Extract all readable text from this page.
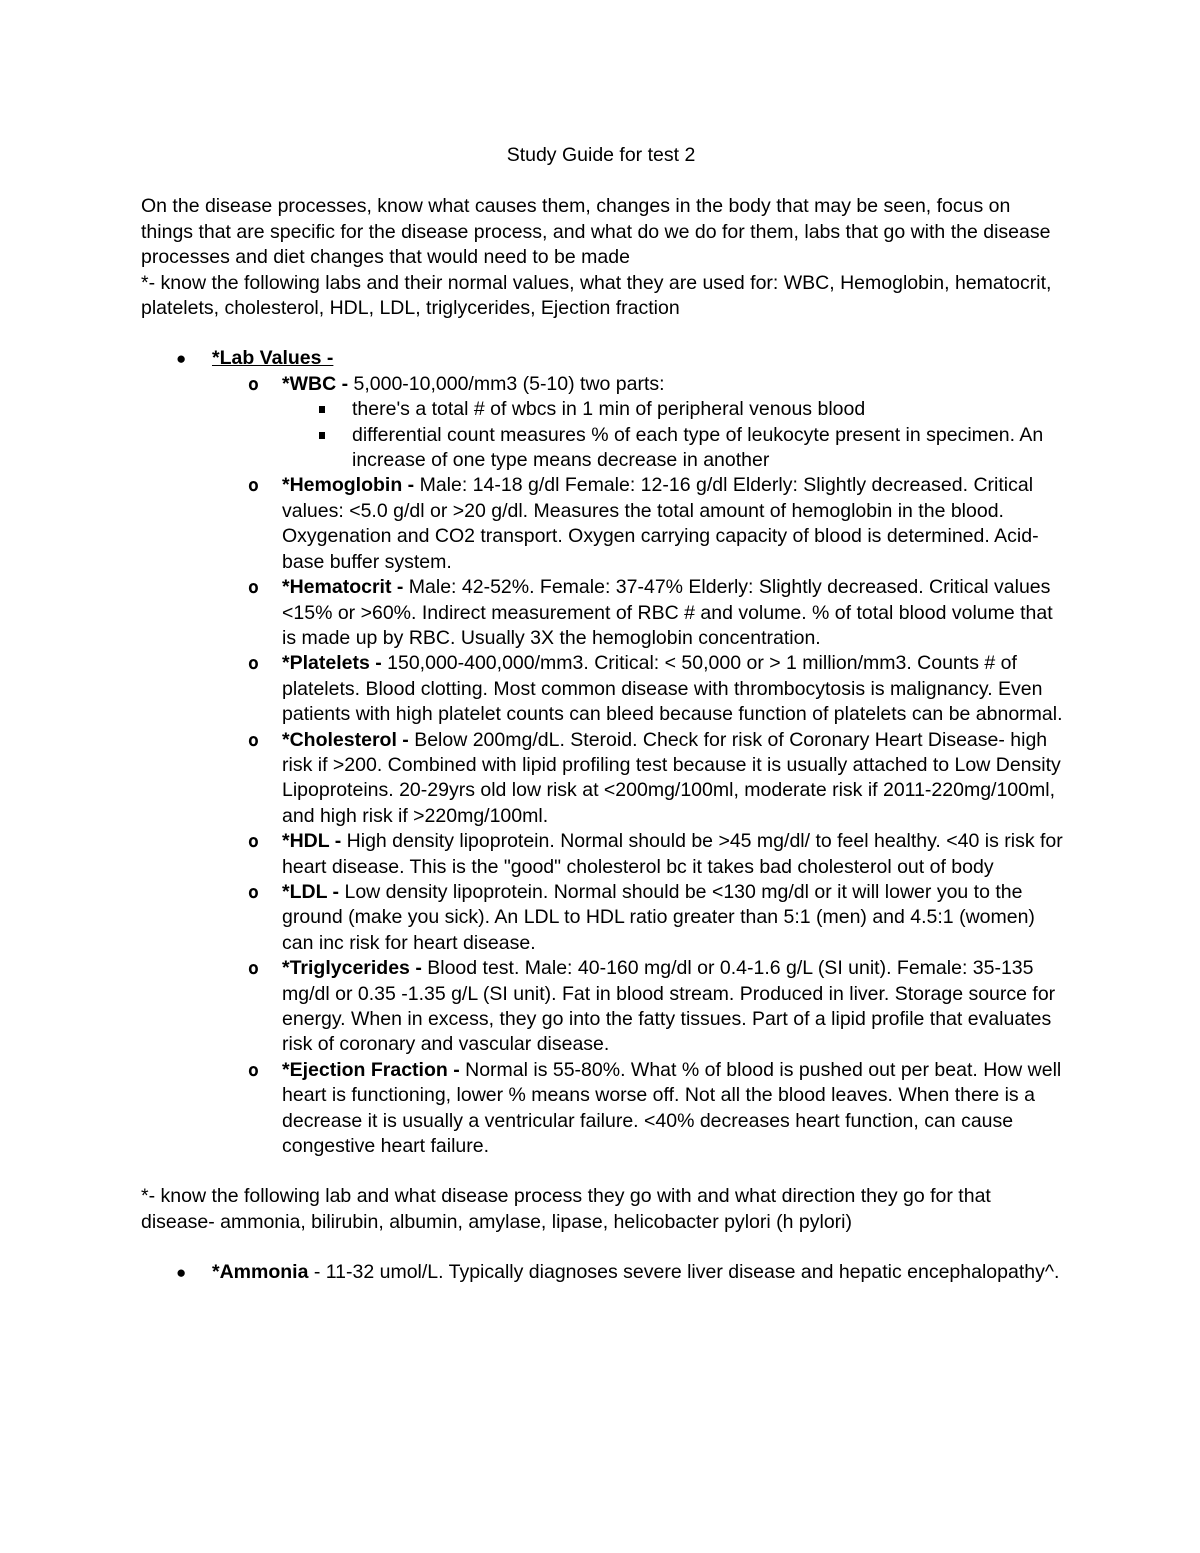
Study Guide for test 2

On the disease processes, know what causes them, changes in the body that may be seen, focus on things that are specific for the disease process, and what do we do for them, labs that go with the disease processes and diet changes that would need to be made

*- know the following labs and their normal values, what they are used for: WBC, Hemoglobin, hematocrit, platelets, cholesterol, HDL, LDL, triglycerides, Ejection fraction

● *Lab Values -
o *WBC - 5,000-10,000/mm3 (5-10) two parts:
there's a total # of wbcs in 1 min of peripheral venous blood
differential count measures % of each type of leukocyte present in specimen. An increase of one type means decrease in another
o *Hemoglobin - Male: 14-18 g/dl Female: 12-16 g/dl Elderly: Slightly decreased. Critical values: <5.0 g/dl or >20 g/dl. Measures the total amount of hemoglobin in the blood. Oxygenation and CO2 transport. Oxygen carrying capacity of blood is determined. Acid-base buffer system.
o *Hematocrit - Male: 42-52%. Female: 37-47% Elderly: Slightly decreased. Critical values <15% or >60%. Indirect measurement of RBC # and volume. % of total blood volume that is made up by RBC. Usually 3X the hemoglobin concentration.
o *Platelets - 150,000-400,000/mm3. Critical: < 50,000 or > 1 million/mm3. Counts # of platelets. Blood clotting. Most common disease with thrombocytosis is malignancy. Even patients with high platelet counts can bleed because function of platelets can be abnormal.
o *Cholesterol - Below 200mg/dL. Steroid. Check for risk of Coronary Heart Disease- high risk if >200. Combined with lipid profiling test because it is usually attached to Low Density Lipoproteins. 20-29yrs old low risk at <200mg/100ml, moderate risk if 2011-220mg/100ml, and high risk if >220mg/100ml.
o *HDL - High density lipoprotein. Normal should be >45 mg/dl/ to feel healthy. <40 is risk for heart disease. This is the "good" cholesterol bc it takes bad cholesterol out of body
o *LDL - Low density lipoprotein. Normal should be <130 mg/dl or it will lower you to the ground (make you sick). An LDL to HDL ratio greater than 5:1 (men) and 4.5:1 (women) can inc risk for heart disease.
o *Triglycerides - Blood test. Male: 40-160 mg/dl or 0.4-1.6 g/L (SI unit). Female: 35-135 mg/dl or 0.35 -1.35 g/L (SI unit). Fat in blood stream. Produced in liver. Storage source for energy. When in excess, they go into the fatty tissues. Part of a lipid profile that evaluates risk of coronary and vascular disease.
o *Ejection Fraction - Normal is 55-80%. What % of blood is pushed out per beat. How well heart is functioning, lower % means worse off. Not all the blood leaves. When there is a decrease it is usually a ventricular failure. <40% decreases heart function, can cause congestive heart failure.

*- know the following lab and what disease process they go with and what direction they go for that disease- ammonia, bilirubin, albumin, amylase, lipase, helicobacter pylori (h pylori)

● *Ammonia - 11-32 umol/L. Typically diagnoses severe liver disease and hepatic encephalopathy^.
